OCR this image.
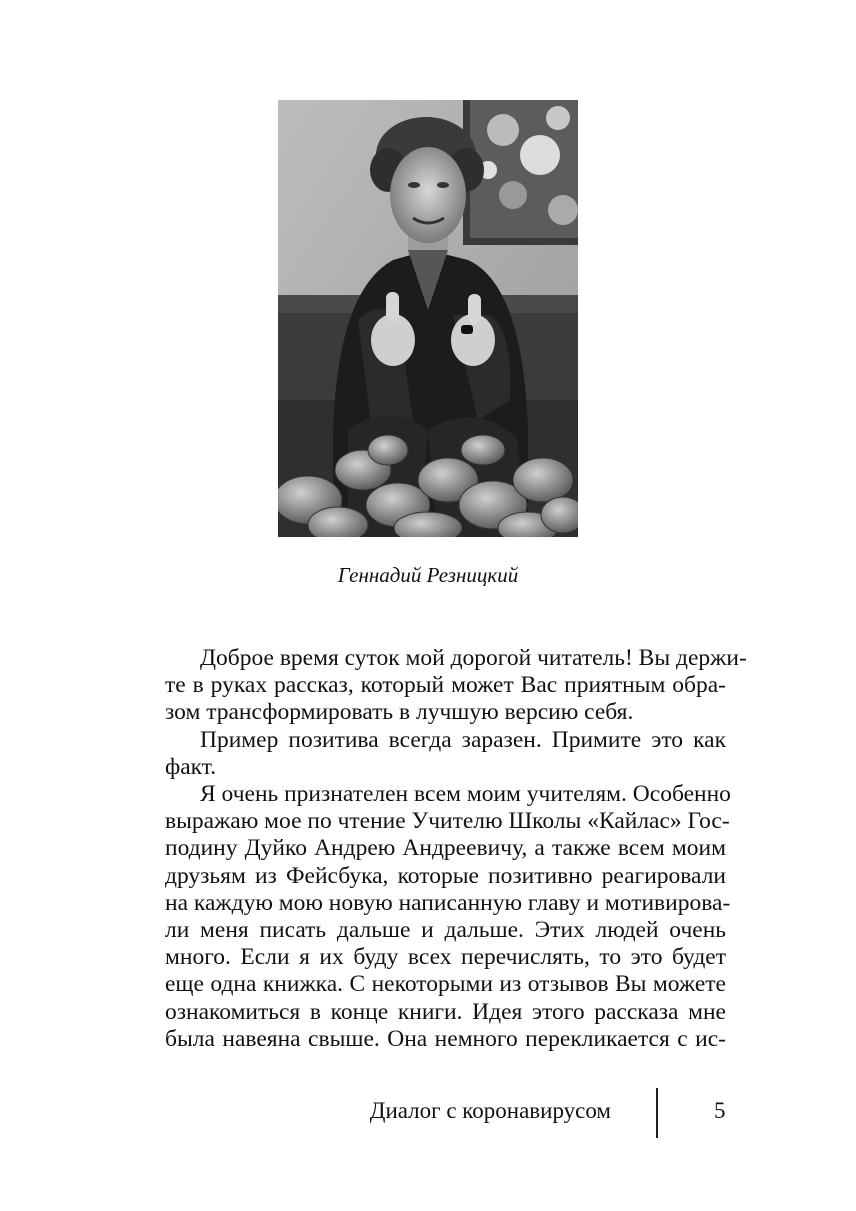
Геннадий Резницкий

Доброе время суток мой дорогой читатель! Вы держи-
те в руках рассказ, который может Вас приятным обра-
зом трансформировать в лучшую версию себя.

Пример позитива всегда заразен. Примите это как
факт.

Я очень признателен всем моим учителям. Особенно
выражаю мое по чтение Учителю Школы «Кайлас» Гос-
подину Дуйко Андрею Андреевичу, а также всем моим
друзьям из Фейсбука, которые позитивно реагировали
на каждую мою новую написанную главу и мотивирова-
ли меня писать дальше и дальше. Этих людей очень
много. Если я их буду всех перечислять, то это будет
еще одна книжка. С некоторыми из отзывов Вы можете
ознакомиться в конце книги. Идея этого рассказа мне
была навеяна свыше. Она немного перекликается с ис-

Диалог с коронавирусом	5
